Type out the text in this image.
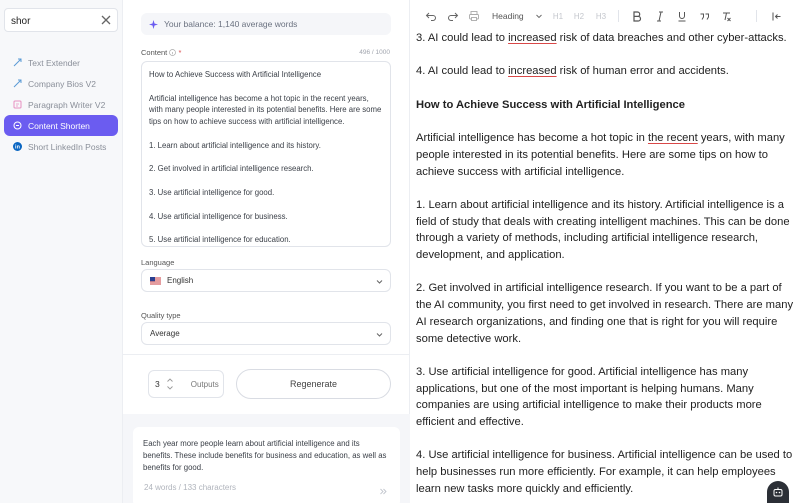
shor
Text Extender
Company Bios V2
Paragraph Writer V2
Content Shorten
in Short LinkedIn Posts
Your balance: 1,140 average words
Content *	496 / 1000

How to Achieve Success with Artificial Intelligence

Artificial intelligence has become a hot topic in the recent years, with many people interested in its potential benefits. Here are some tips on how to achieve success with artificial intelligence.

1. Learn about artificial intelligence and its history.

2. Get involved in artificial intelligence research.

3. Use artificial intelligence for good.

4. Use artificial intelligence for business.

5. Use artificial intelligence for education.

Language
English
Quality type
Average
3	Outputs	Regenerate
Each year more people learn about artificial intelligence and its benefits. These include benefits for business and education, as well as benefits for good.
24 words / 133 characters
Heading	H1 H2 H3

3. AI could lead to increased risk of data breaches and other cyber-attacks.

4. AI could lead to increased risk of human error and accidents.

How to Achieve Success with Artificial Intelligence

Artificial intelligence has become a hot topic in the recent years, with many people interested in its potential benefits. Here are some tips on how to achieve success with artificial intelligence.

1. Learn about artificial intelligence and its history. Artificial intelligence is a field of study that deals with creating intelligent machines. This can be done through a variety of methods, including artificial intelligence research, development, and application.

2. Get involved in artificial intelligence research. If you want to be a part of the AI community, you first need to get involved in research. There are many AI research organizations, and finding one that is right for you will require some detective work.

3. Use artificial intelligence for good. Artificial intelligence has many applications, but one of the most important is helping humans. Many companies are using artificial intelligence to make their products more efficient and effective.

4. Use artificial intelligence for business. Artificial intelligence can be used to help businesses run more efficiently. For example, it can help employees learn new tasks more quickly and efficiently.
